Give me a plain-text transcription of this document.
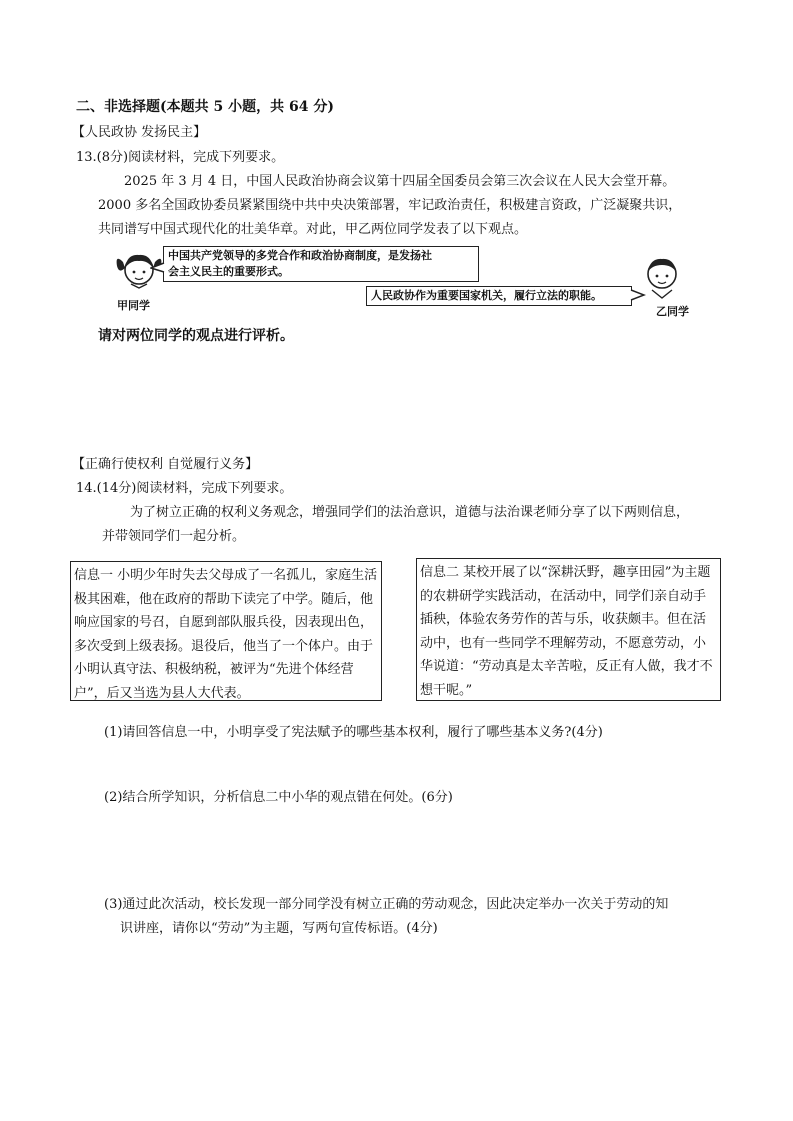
二、非选择题(本题共 5 小题，共 64 分)
【人民政协 发扬民主】
13.(8分)阅读材料，完成下列要求。
2025 年 3 月 4 日，中国人民政治协商会议第十四届全国委员会第三次会议在人民大会堂开幕。
2000 多名全国政协委员紧紧围绕中共中央决策部署，牢记政治责任，积极建言资政，广泛凝聚共识，
共同谱写中国式现代化的壮美华章。对此，甲乙两位同学发表了以下观点。
甲同学
中国共产党领导的多党合作和政治协商制度，是发扬社
会主义民主的重要形式。
人民政协作为重要国家机关，履行立法的职能。
乙同学
请对两位同学的观点进行评析。
【正确行使权利 自觉履行义务】
14.(14分)阅读材料，完成下列要求。
为了树立正确的权利义务观念，增强同学们的法治意识，道德与法治课老师分享了以下两则信息，
并带领同学们一起分析。
信息一 小明少年时失去父母成了一名孤儿，家庭生活极其困难，他在政府的帮助下读完了中学。随后，他响应国家的号召，自愿到部队服兵役，因表现出色，多次受到上级表扬。退役后，他当了一个体户。由于小明认真守法、积极纳税，被评为“先进个体经营户”，后又当选为县人大代表。
信息二 某校开展了以“深耕沃野，趣享田园”为主题的农耕研学实践活动，在活动中，同学们亲自动手插秧，体验农务劳作的苦与乐，收获颇丰。但在活动中，也有一些同学不理解劳动，不愿意劳动，小华说道：“劳动真是太辛苦啦，反正有人做，我才不想干呢。”
(1)请回答信息一中，小明享受了宪法赋予的哪些基本权利，履行了哪些基本义务?(4分)
(2)结合所学知识，分析信息二中小华的观点错在何处。(6分)
(3)通过此次活动，校长发现一部分同学没有树立正确的劳动观念，因此决定举办一次关于劳动的知
识讲座，请你以“劳动”为主题，写两句宣传标语。(4分)
